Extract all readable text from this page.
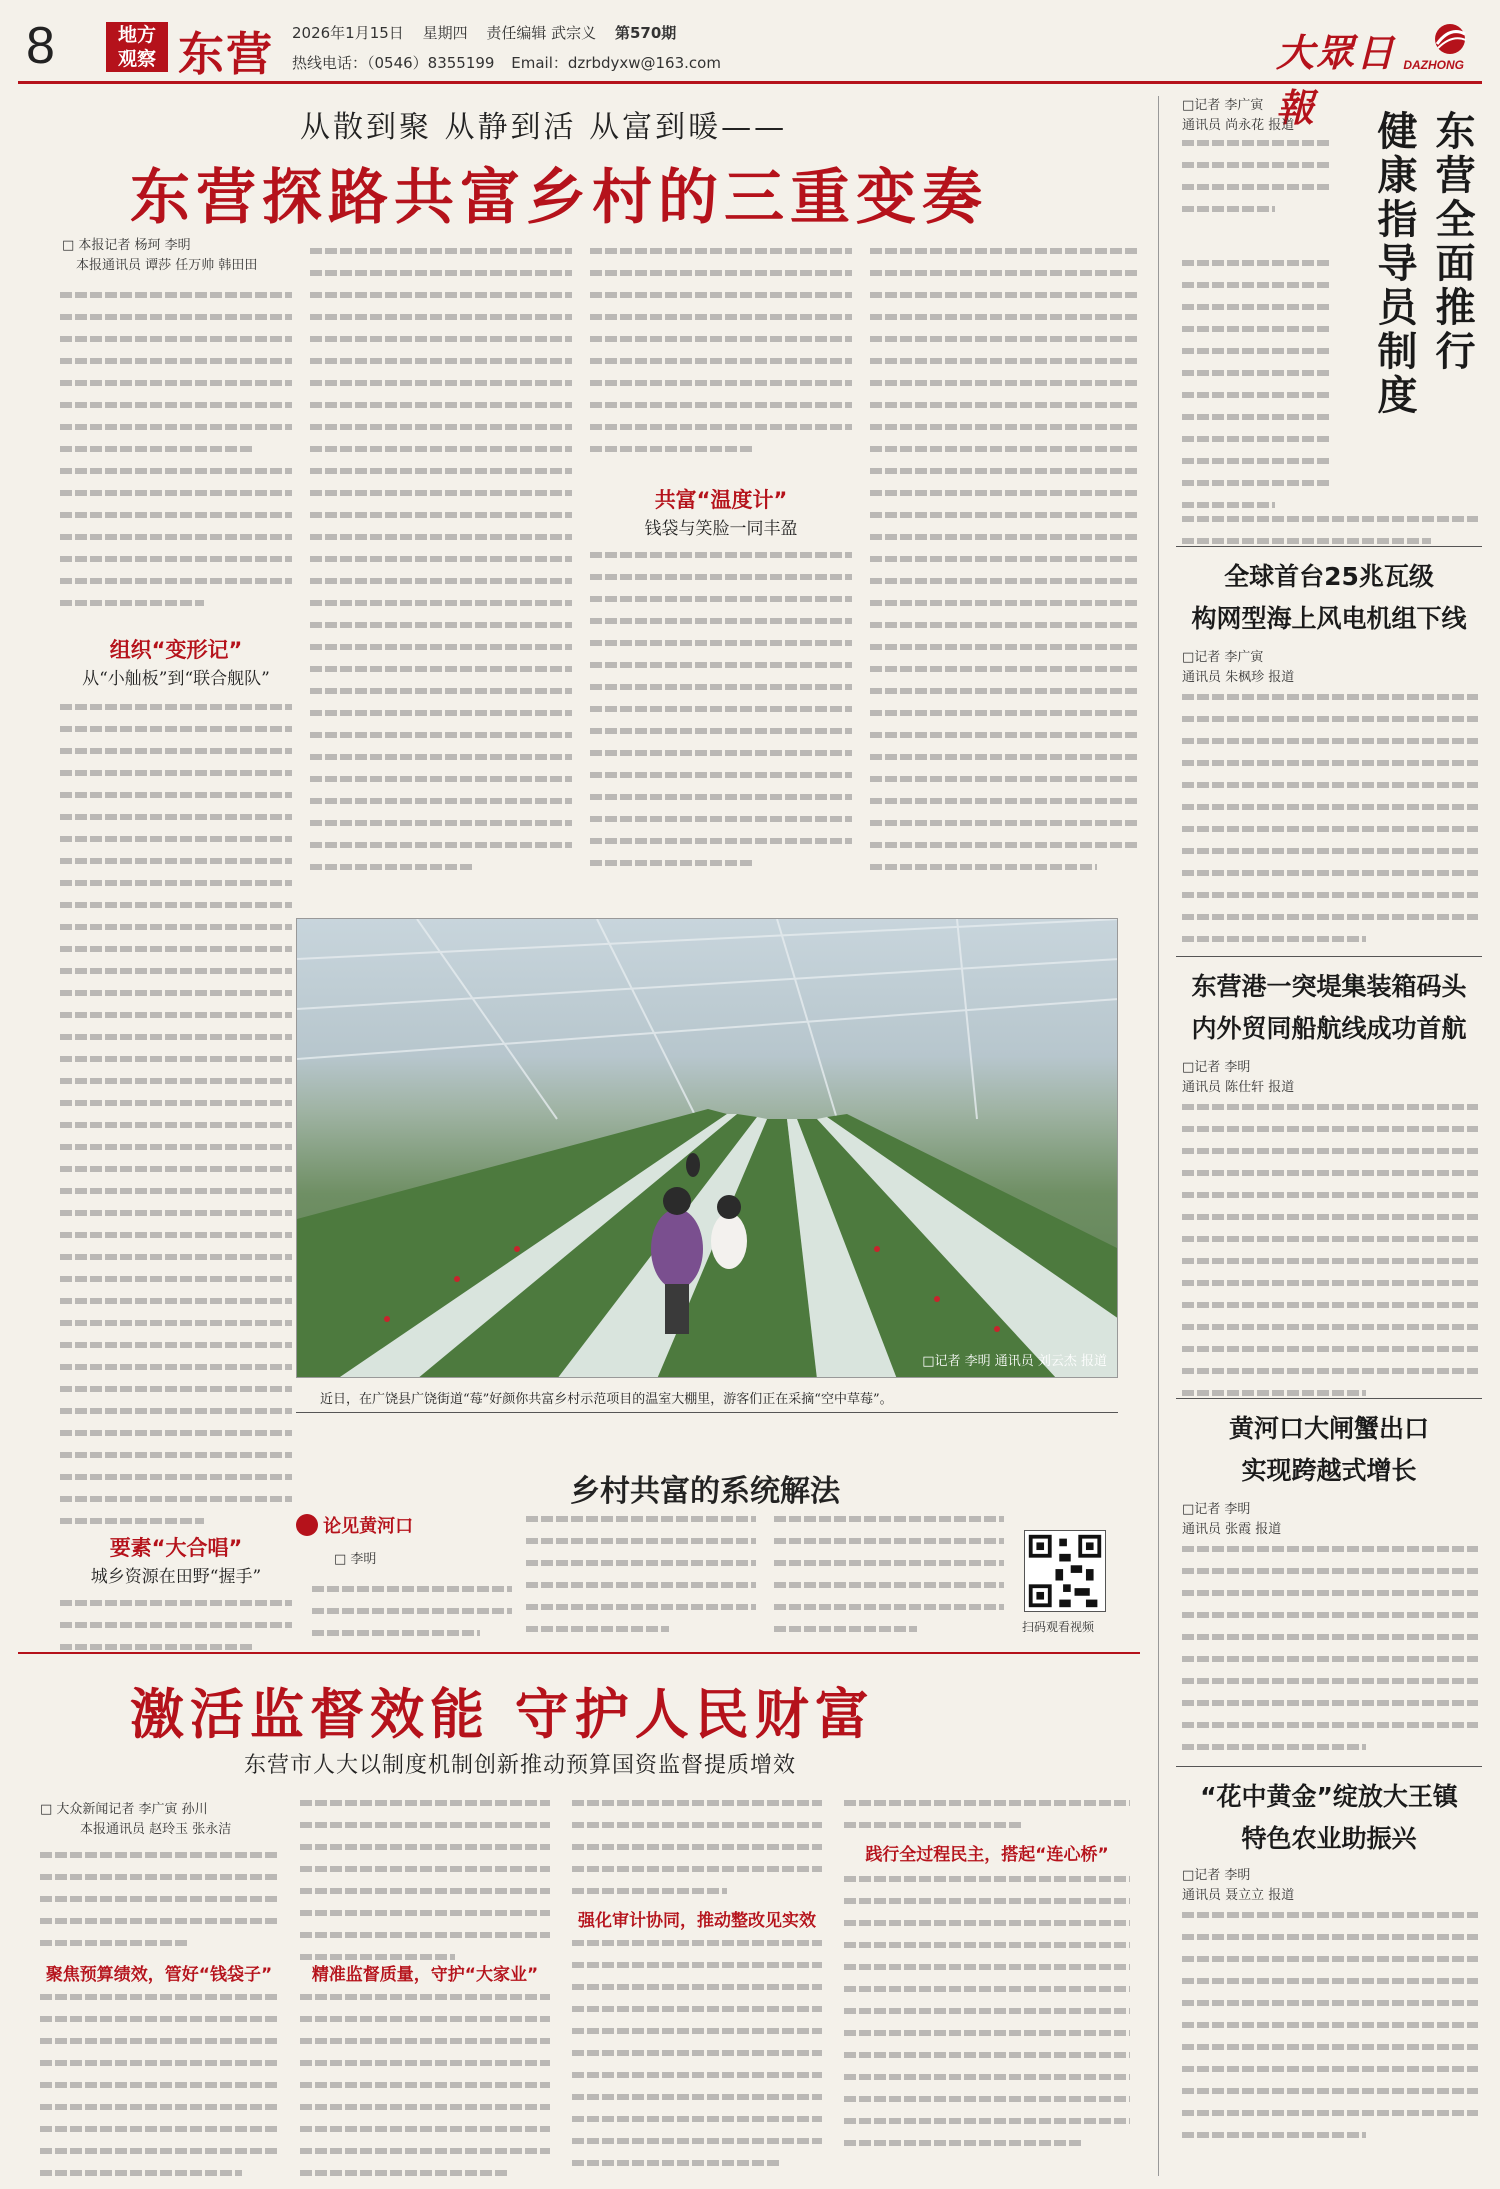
8	地方
观察 东营 2026年1月15日 星期四 责任编辑 武宗义 第570期
热线电话：（0546）8355199 Email：dzrbdyxw@163.com	大眾日報
DAZHONG
从散到聚 从静到活 从富到暖——
东营探路共富乡村的三重变奏
□ 本报记者 杨珂 李明
本报通讯员 谭莎 任万帅 韩田田
组织“变形记”
从“小舢板”到“联合舰队”
要素“大合唱”
城乡资源在田野“握手”
共富“温度计”
钱袋与笑脸一同丰盈
□记者 李明 通讯员 刘云杰 报道
近日，在广饶县广饶街道“莓”好颜你共富乡村示范项目的温室大棚里，游客们正在采摘“空中草莓”。
乡村共富的系统解法
论见黄河口
□ 李明
扫码观看视频
激活监督效能 守护人民财富
东营市人大以制度机制创新推动预算国资监督提质增效
□ 大众新闻记者 李广寅 孙川
本报通讯员 赵玲玉 张永洁
聚焦预算绩效，管好“钱袋子”	精准监督质量，守护“大家业”
强化审计协同，推动整改见实效
践行全过程民主，搭起“连心桥”
□记者 李广寅
通讯员 尚永花 报道	东营全面推行
健康指导员制度
全球首台25兆瓦级
构网型海上风电机组下线
□记者 李广寅
通讯员 朱枫珍 报道
东营港一突堤集装箱码头
内外贸同船航线成功首航
□记者 李明
通讯员 陈仕轩 报道
黄河口大闸蟹出口
实现跨越式增长
□记者 李明
通讯员 张霞 报道
“花中黄金”绽放大王镇
特色农业助振兴
□记者 李明
通讯员 聂立立 报道
